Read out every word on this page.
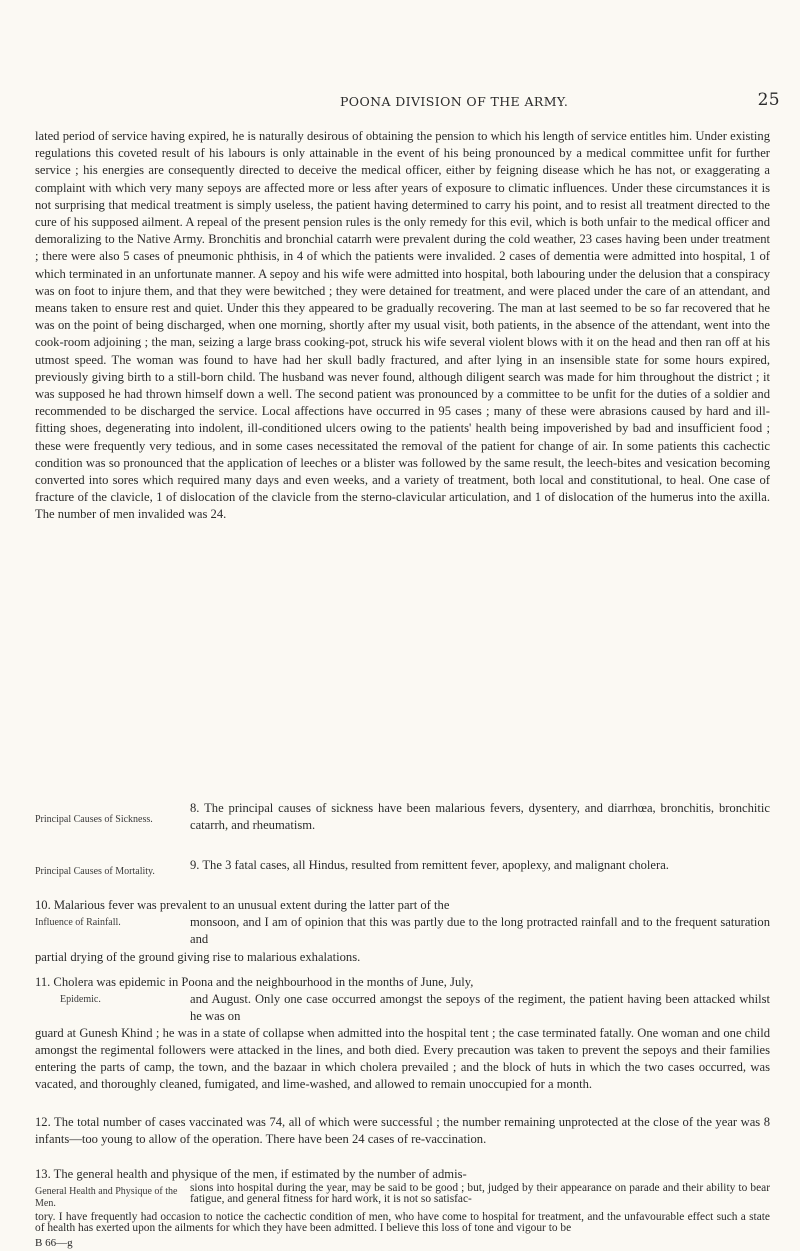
POONA DIVISION OF THE ARMY.	25

lated period of service having expired, he is naturally desirous of obtaining the pension to which his length of service entitles him. Under existing regulations this coveted result of his labours is only attainable in the event of his being pronounced by a medical committee unfit for further service ; his energies are consequently directed to deceive the medical officer, either by feigning disease which he has not, or exaggerating a complaint with which very many sepoys are affected more or less after years of exposure to climatic influences. Under these circumstances it is not surprising that medical treatment is simply useless, the patient having determined to carry his point, and to resist all treatment directed to the cure of his supposed ailment. A repeal of the present pension rules is the only remedy for this evil, which is both unfair to the medical officer and demoralizing to the Native Army. Bronchitis and bronchial catarrh were prevalent during the cold weather, 23 cases having been under treatment ; there were also 5 cases of pneumonic phthisis, in 4 of which the patients were invalided. 2 cases of dementia were admitted into hospital, 1 of which terminated in an unfortunate manner. A sepoy and his wife were admitted into hospital, both labouring under the delusion that a conspiracy was on foot to injure them, and that they were bewitched ; they were detained for treatment, and were placed under the care of an attendant, and means taken to ensure rest and quiet. Under this they appeared to be gradually recovering. The man at last seemed to be so far recovered that he was on the point of being discharged, when one morning, shortly after my usual visit, both patients, in the absence of the attendant, went into the cook-room adjoining ; the man, seizing a large brass cooking-pot, struck his wife several violent blows with it on the head and then ran off at his utmost speed. The woman was found to have had her skull badly fractured, and after lying in an insensible state for some hours expired, previously giving birth to a still-born child. The husband was never found, although diligent search was made for him throughout the district ; it was supposed he had thrown himself down a well. The second patient was pronounced by a committee to be unfit for the duties of a soldier and recommended to be discharged the service. Local affections have occurred in 95 cases ; many of these were abrasions caused by hard and ill-fitting shoes, degenerating into indolent, ill-conditioned ulcers owing to the patients' health being impoverished by bad and insufficient food ; these were frequently very tedious, and in some cases necessitated the removal of the patient for change of air. In some patients this cachectic condition was so pronounced that the application of leeches or a blister was followed by the same result, the leech-bites and vesication becoming converted into sores which required many days and even weeks, and a variety of treatment, both local and constitutional, to heal. One case of fracture of the clavicle, 1 of dislocation of the clavicle from the sterno-clavicular articulation, and 1 of dislocation of the humerus into the axilla. The number of men invalided was 24.

Principal Causes of Sickness.
8. The principal causes of sickness have been malarious fevers, dysentery, and diarrhœa, bronchitis, bronchitic catarrh, and rheumatism.
Principal Causes of Mortality.	9. The 3 fatal cases, all Hindus, resulted from remittent fever, apoplexy, and malignant cholera.
10. Malarious fever was prevalent to an unusual extent during the latter part of the
Influence of Rainfall.	monsoon, and I am of opinion that this was partly due to the long protracted rainfall and to the frequent saturation and
partial drying of the ground giving rise to malarious exhalations.
11. Cholera was epidemic in Poona and the neighbourhood in the months of June, July,
Epidemic.	and August. Only one case occurred amongst the sepoys of the regiment, the patient having been attacked whilst he was on
guard at Gunesh Khind ; he was in a state of collapse when admitted into the hospital tent ; the case terminated fatally. One woman and one child amongst the regimental followers were attacked in the lines, and both died. Every precaution was taken to prevent the sepoys and their families entering the parts of camp, the town, and the bazaar in which cholera prevailed ; and the block of huts in which the two cases occurred, was vacated, and thoroughly cleaned, fumigated, and lime-washed, and allowed to remain unoccupied for a month.
12. The total number of cases vaccinated was 74, all of which were successful ; the number remaining unprotected at the close of the year was 8 infants—too young to allow of the operation. There have been 24 cases of re-vaccination.
13. The general health and physique of the men, if estimated by the number of admis-
General Health and Physique of the Men.
sions into hospital during the year, may be said to be good ; but, judged by their appearance on parade and their ability to bear fatigue, and general fitness for hard work, it is not so satisfac-
tory. I have frequently had occasion to notice the cachectic condition of men, who have come to hospital for treatment, and the unfavourable effect such a state of health has exerted upon the ailments for which they have been admitted. I believe this loss of tone and vigour to be
B 66—g
